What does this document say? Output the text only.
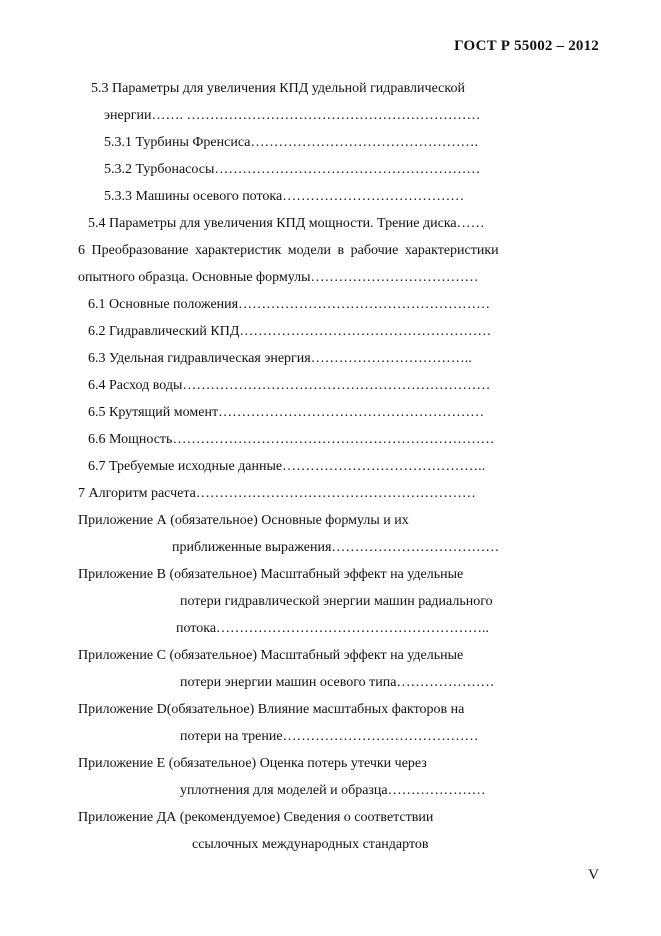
ГОСТ Р 55002 – 2012
5.3 Параметры для увеличения КПД удельной гидравлической
энергии……. ………………………………………………………
5.3.1 Турбины Френсиса………………………………………….
5.3.2 Турбонасосы…………………………………………………
5.3.3 Машины осевого потока…………………………………
5.4 Параметры для увеличения КПД мощности. Трение диска……
6 Преобразование характеристик модели в рабочие характеристики
опытного образца. Основные формулы………………………………
6.1 Основные положения………………………………………………
6.2 Гидравлический КПД………………………………………………
6.3 Удельная гидравлическая энергия……………………………..
6.4 Расход воды…………………………………………………………
6.5 Крутящий момент…………………………………………………
6.6 Мощность……………………………………………………………
6.7 Требуемые исходные данные……………………………………..
7 Алгоритм расчета……………………………………………………
Приложение А (обязательное) Основные формулы и их
приближенные выражения………………………………
Приложение В (обязательное) Масштабный эффект на удельные
потери гидравлической энергии машин радиального
потока…………………………………………………..
Приложение С (обязательное) Масштабный эффект на удельные
потери энергии машин осевого типа…………………
Приложение D(обязательное) Влияние масштабных факторов на
потери на трение……………………………………
Приложение Е (обязательное) Оценка потерь утечки через
уплотнения для моделей и образца…………………
Приложение ДА (рекомендуемое) Сведения о соответствии
ссылочных международных стандартов
V
